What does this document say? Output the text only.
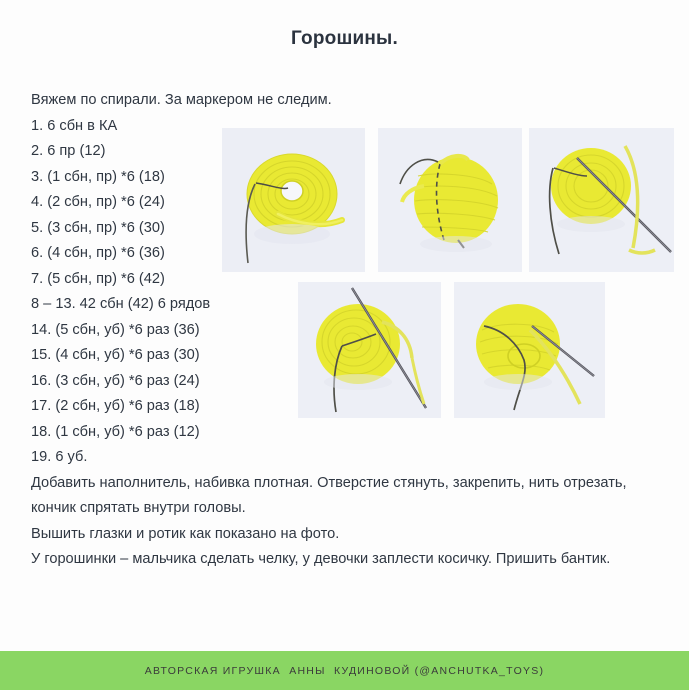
Горошины.
Вяжем по спирали. За маркером не следим.
1. 6 сбн в КА
2. 6 пр (12)
3. (1 сбн, пр) *6 (18)
4. (2 сбн, пр) *6 (24)
5. (3 сбн, пр) *6 (30)
6. (4 сбн, пр) *6 (36)
7. (5 сбн, пр) *6 (42)
8 – 13. 42 сбн (42) 6 рядов
14. (5 сбн, уб) *6 раз (36)
15. (4 сбн, уб) *6 раз (30)
16. (3 сбн, уб) *6 раз (24)
17. (2 сбн, уб) *6 раз (18)
18. (1 сбн, уб) *6 раз (12)
19. 6 уб.
Добавить наполнитель, набивка плотная. Отверстие стянуть, закрепить, нить отрезать, кончик спрятать внутри головы.
Вышить глазки и ротик как показано на фото.
У горошинки – мальчика сделать челку, у девочки заплести косичку. Пришить бантик.
АВТОРСКАЯ ИГРУШКА  АННЫ  КУДИНОВОЙ (@ANCHUTKA_TOYS)
